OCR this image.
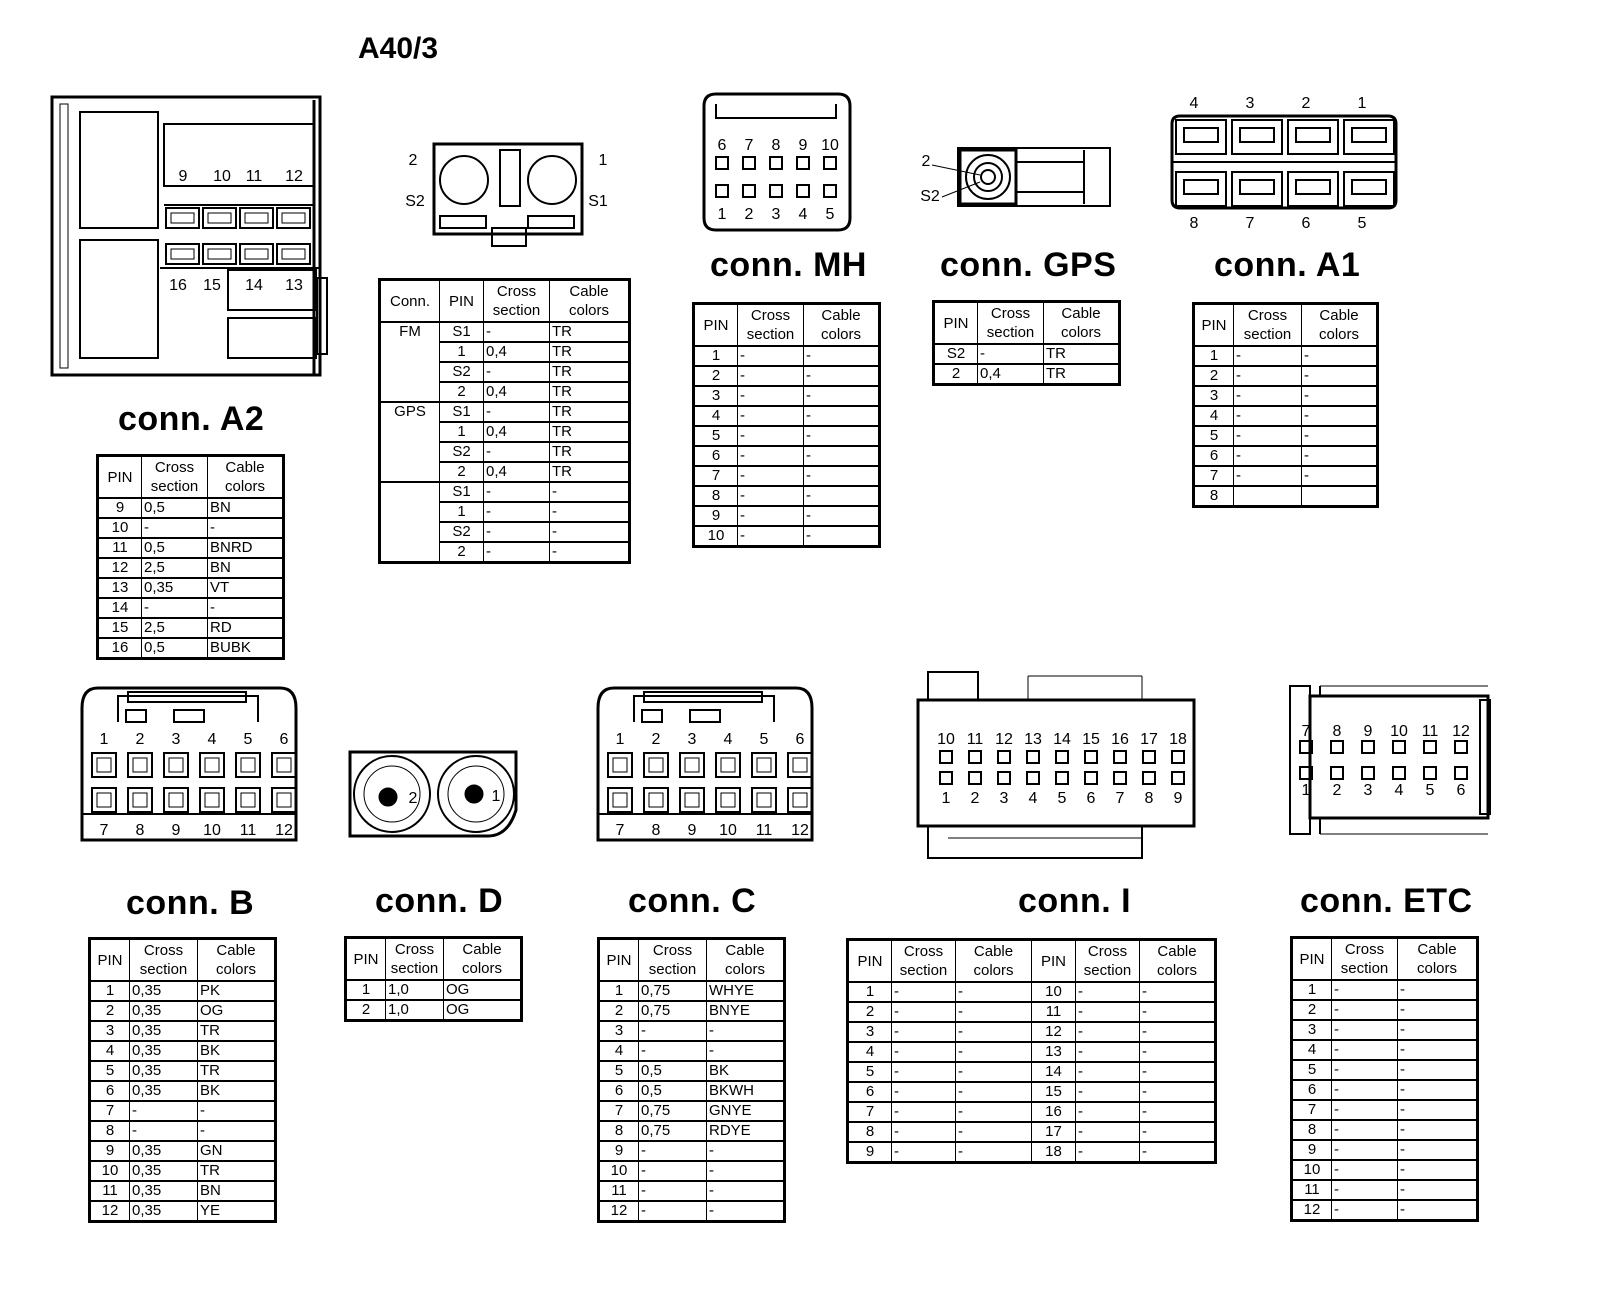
A40/3
9 10 11 12
16 15 14 13
2	1
S2	S1
6 7 8 9 10
1 2 3 4 5
2
S2
4	3	2	1
8	7	6	5
1 2 3 4 5 6
7 8 9 10 11 12
1 2 3 4 5 6
7 8 9 10 11 12
2	1
10 11 12 13 14 15 16 17 18
1 2 3 4 5 6 7 8 9
7 8 9 10 11 12
1 2 3 4 5 6
conn. A2
conn. MH conn. GPS	conn. A1
conn. B	conn. D	conn. C	conn. I	conn. ETC
PIN	Cross section	Cable colors
9	0,5	BN
10	-	-
11	0,5	BNRD
12	2,5	BN
13	0,35	VT
14	-	-
15	2,5	RD
16	0,5	BUBK
PIN	Cross section	Cable colors
1	-	-
2	-	-
3	-	-
4	-	-
5	-	-
6	-	-
7	-	-
8	-	-
9	-	-
10	-	-
PIN	Cross section	Cable colors
S2	-	TR
2	0,4	TR
PIN	Cross section	Cable colors
1	-	-
2	-	-
3	-	-
4	-	-
5	-	-
6	-	-
7	-	-
8		
PIN	Cross section	Cable colors
1	0,35	PK
2	0,35	OG
3	0,35	TR
4	0,35	BK
5	0,35	TR
6	0,35	BK
7	-	-
8	-	-
9	0,35	GN
10	0,35	TR
11	0,35	BN
12	0,35	YE
PIN	Cross section	Cable colors
1	1,0	OG
2	1,0	OG
PIN	Cross section	Cable colors
1	0,75	WHYE
2	0,75	BNYE
3	-	-
4	-	-
5	0,5	BK
6	0,5	BKWH
7	0,75	GNYE
8	0,75	RDYE
9	-	-
10	-	-
11	-	-
12	-	-
PIN	Cross section	Cable colors	PIN	Cross section	Cable colors
1	-	-	10	-	-
2	-	-	11	-	-
3	-	-	12	-	-
4	-	-	13	-	-
5	-	-	14	-	-
6	-	-	15	-	-
7	-	-	16	-	-
8	-	-	17	-	-
9	-	-	18	-	-
PIN	Cross section	Cable colors
1	-	-
2	-	-
3	-	-
4	-	-
5	-	-
6	-	-
7	-	-
8	-	-
9	-	-
10	-	-
11	-	-
12	-	-
Conn.	PIN	Cross section	Cable colors
FM	S1	-	TR
	1	0,4	TR
	S2	-	TR
	2	0,4	TR
GPS	S1	-	TR
	1	0,4	TR
	S2	-	TR
	2	0,4	TR
	S1	-	-
	1	-	-
	S2	-	-
	2	-	-
